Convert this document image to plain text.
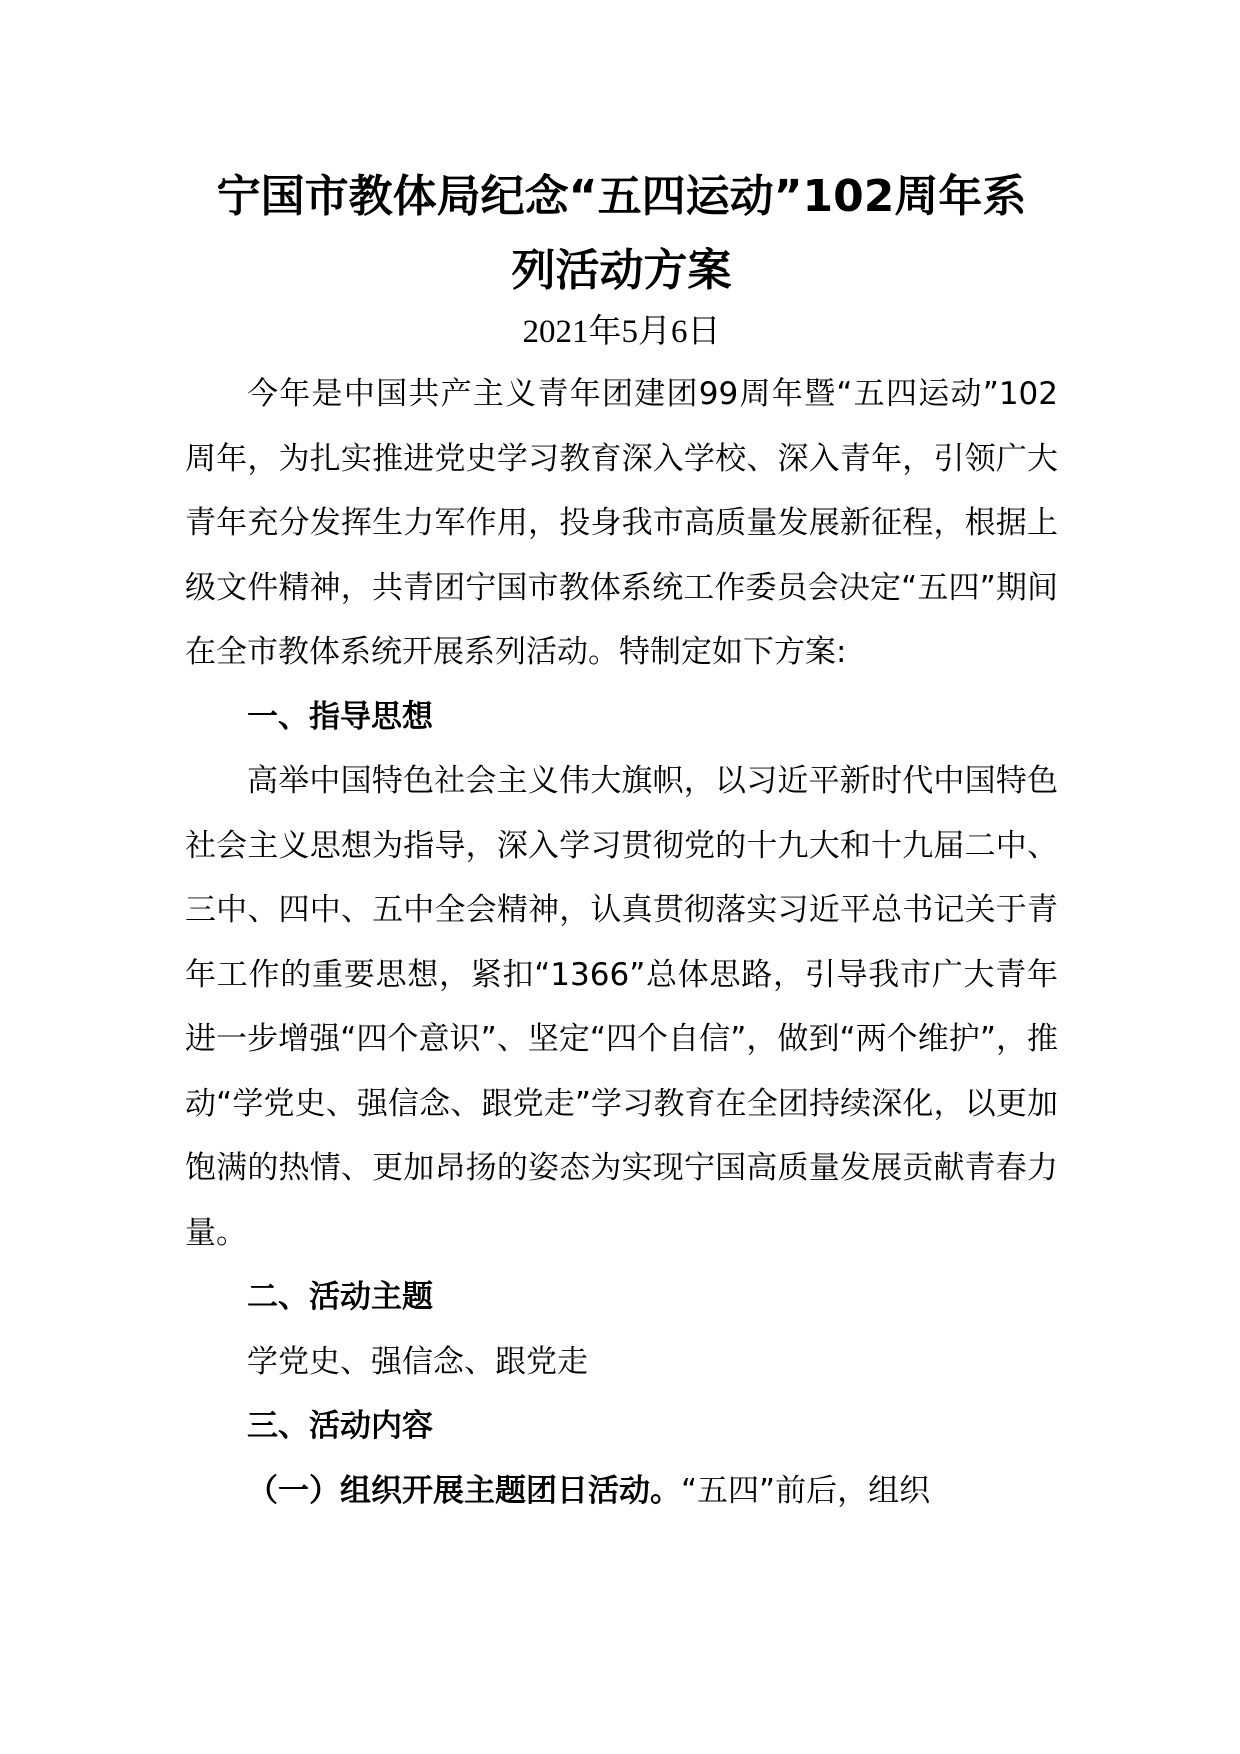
宁国市教体局纪念“五四运动”102周年系
列活动方案
2021年5月6日

今年是中国共产主义青年团建团99周年暨“五四运动”102周年，为扎实推进党史学习教育深入学校、深入青年，引领广大青年充分发挥生力军作用，投身我市高质量发展新征程，根据上级文件精神，共青团宁国市教体系统工作委员会决定“五四”期间在全市教体系统开展系列活动。特制定如下方案:

一、指导思想

高举中国特色社会主义伟大旗帜，以习近平新时代中国特色社会主义思想为指导，深入学习贯彻党的十九大和十九届二中、三中、四中、五中全会精神，认真贯彻落实习近平总书记关于青年工作的重要思想，紧扣“1366”总体思路，引导我市广大青年进一步增强“四个意识”、坚定“四个自信”，做到“两个维护”，推动“学党史、强信念、跟党走”学习教育在全团持续深化，以更加饱满的热情、更加昂扬的姿态为实现宁国高质量发展贡献青春力量。

二、活动主题

学党史、强信念、跟党走

三、活动内容

（一）组织开展主题团日活动。“五四”前后，组织
